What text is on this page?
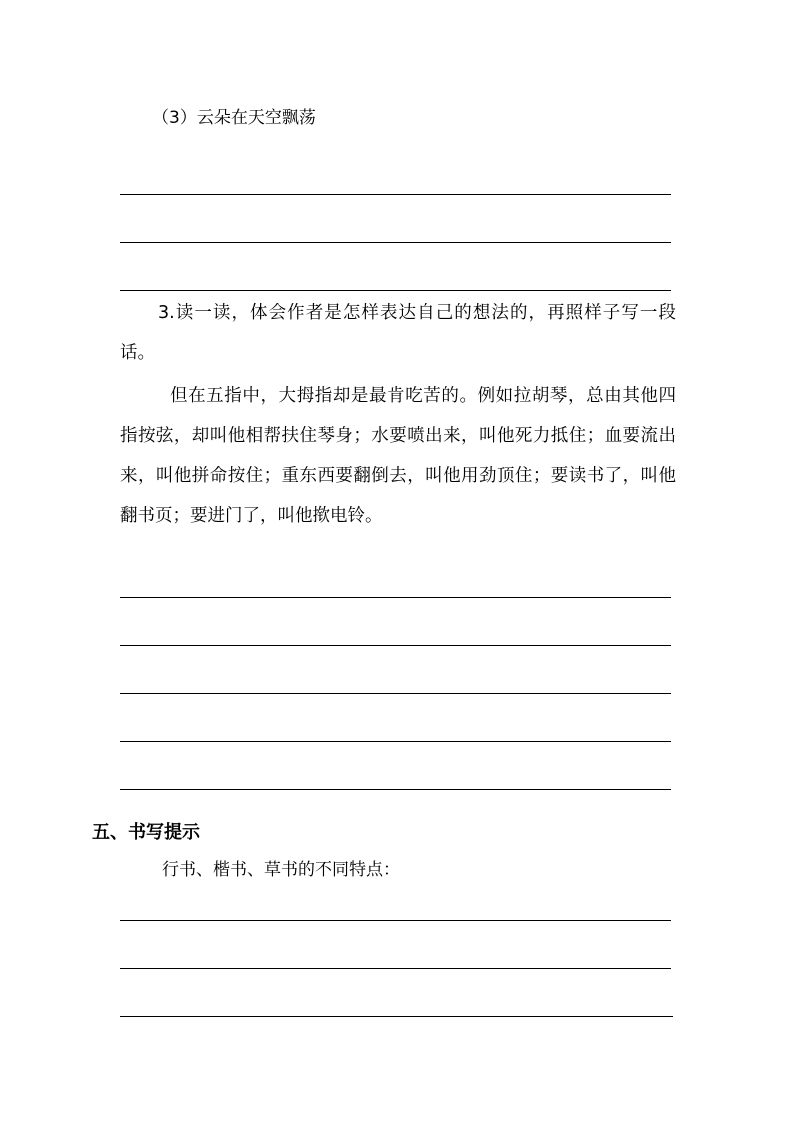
（3）云朵在天空飘荡
3.读一读，体会作者是怎样表达自己的想法的，再照样子写一段话。
但在五指中，大拇指却是最肯吃苦的。例如拉胡琴，总由其他四指按弦，却叫他相帮扶住琴身；水要喷出来，叫他死力抵住；血要流出来，叫他拼命按住；重东西要翻倒去，叫他用劲顶住；要读书了，叫他翻书页；要进门了，叫他揿电铃。
五、书写提示
行书、楷书、草书的不同特点：
